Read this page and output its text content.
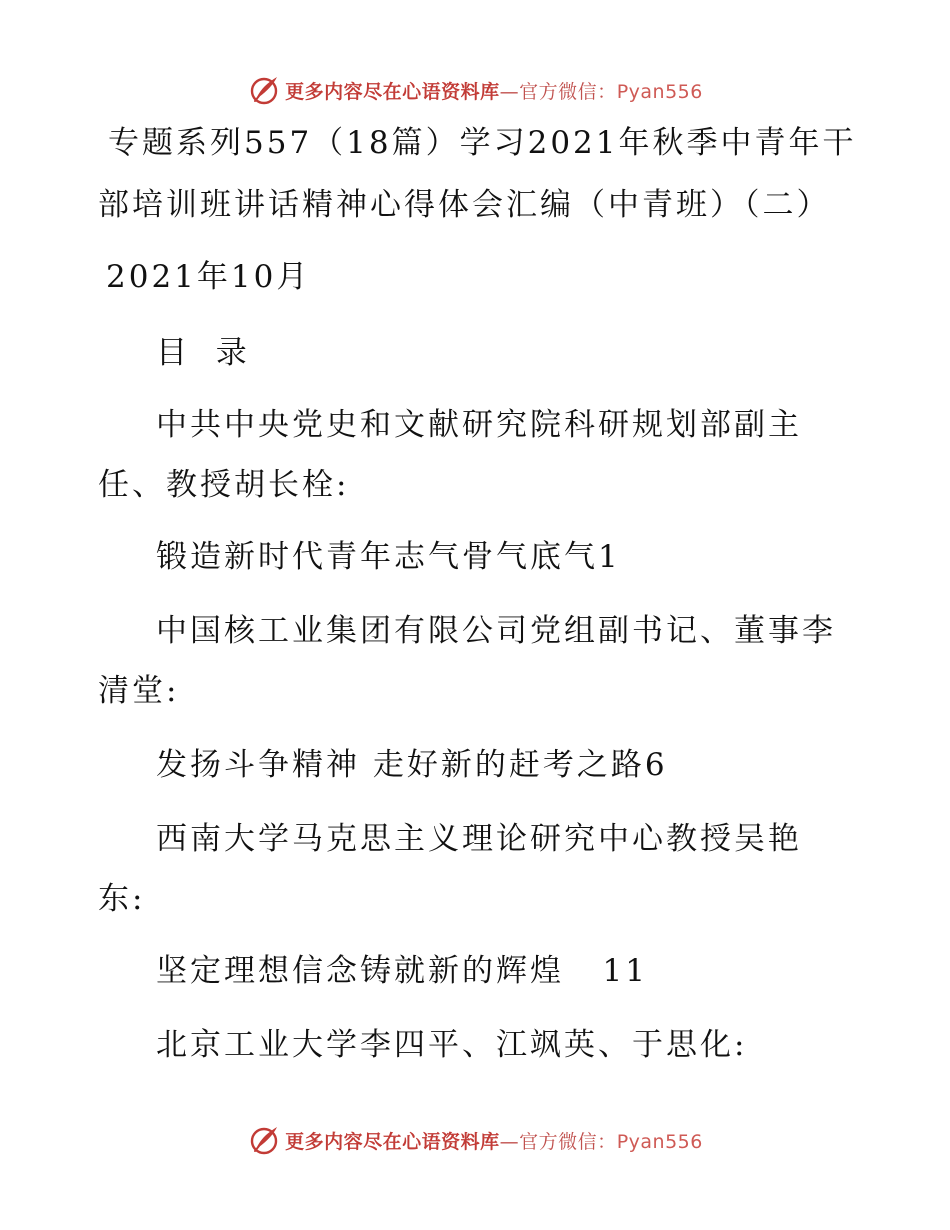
更多内容尽在心语资料库—官方微信：Pyan556
专题系列557（18篇）学习2021年秋季中青年干
部培训班讲话精神心得体会汇编（中青班）（二）
2021年10月
目  录
中共中央党史和文献研究院科研规划部副主
任、教授胡长栓:
锻造新时代青年志气骨气底气1
中国核工业集团有限公司党组副书记、董事李
清堂:
发扬斗争精神 走好新的赶考之路6
西南大学马克思主义理论研究中心教授吴艳
东:
坚定理想信念铸就新的辉煌   11
北京工业大学李四平、江飒英、于思化:
更多内容尽在心语资料库—官方微信：Pyan556
